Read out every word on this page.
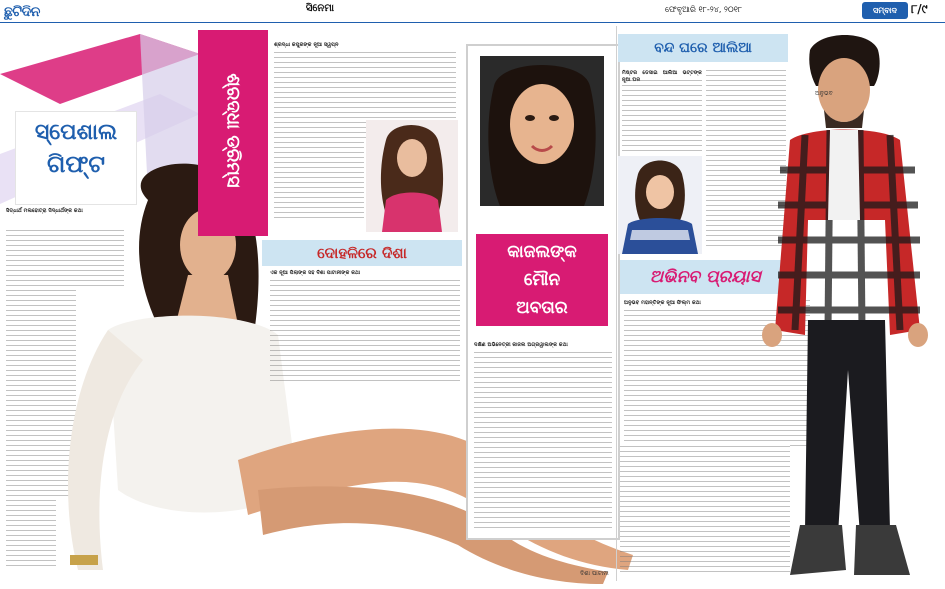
ଛୁଟିଦିନ	ସିନେମା	ଫେବୃଆରି ୧୮-୨୪, ୨୦୧୮	ସମ୍ବାଦ	୮/୯
ସ୍ପେଶାଲ
ଗିଫ୍ଟ
ସିଡ୍ଧାର୍ଥ ମଲହୋତ୍ରା ସିଦ୍ଧାର୍ଥଙ୍କ କଥା
ଦିଶା ପାଟାନୀ
ଶ୍ରଦ୍ଧା ଡ୍ରିମ୍ସ
ଶ୍ରଦ୍ଧା କପୁରଙ୍କ ନୂଆ ସ୍ୱପ୍ନ
ଦୋହଳିରେ ଦିଶା
ଏକ ନୂଆ ପିଲାଙ୍କ ସହ ଦିଶା ପାଟାନୀଙ୍କ କଥା
କାଜଲଙ୍କ
ମୌନ
ଅବତାର
ଦକ୍ଷିଣ ଅଭିନେତ୍ରୀ କାଜଲ ଅଗ୍ରୱାଲଙ୍କ କଥା
ବନ୍ଦ ଘରେ ଆଲିଆ
ମିଷ୍ଟର ଡେସାଇ ଆଲିଆ ଭଟ୍ଟଙ୍କ ନୂଆ ଘର
ଅଭିନବ ପ୍ରୟାସ
ଅନୁଭବ ମହାନ୍ତିଙ୍କ ନୂଆ ଫିଲ୍ମ କଥା
ଅନୁଭବ
